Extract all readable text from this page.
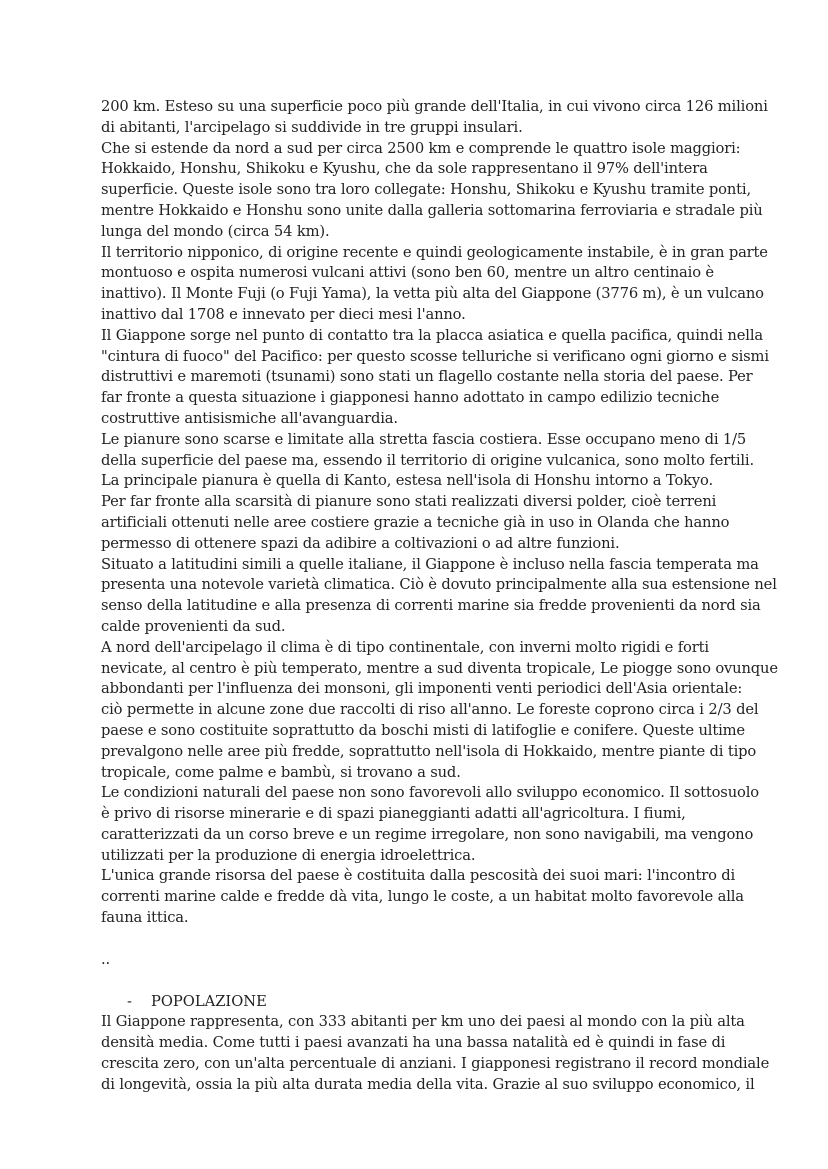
200 km. Esteso su una superficie poco più grande dell'Italia, in cui vivono circa 126 milioni
di abitanti, l'arcipelago si suddivide in tre gruppi insulari.
Che si estende da nord a sud per circa 2500 km e comprende le quattro isole maggiori:
Hokkaido, Honshu, Shikoku e Kyushu, che da sole rappresentano il 97% dell'intera
superficie. Queste isole sono tra loro collegate: Honshu, Shikoku e Kyushu tramite ponti,
mentre Hokkaido e Honshu sono unite dalla galleria sottomarina ferroviaria e stradale più
lunga del mondo (circa 54 km).
Il territorio nipponico, di origine recente e quindi geologicamente instabile, è in gran parte
montuoso e ospita numerosi vulcani attivi (sono ben 60, mentre un altro centinaio è
inattivo). Il Monte Fuji (o Fuji Yama), la vetta più alta del Giappone (3776 m), è un vulcano
inattivo dal 1708 e innevato per dieci mesi l'anno.
Il Giappone sorge nel punto di contatto tra la placca asiatica e quella pacifica, quindi nella
"cintura di fuoco" del Pacifico: per questo scosse telluriche si verificano ogni giorno e sismi
distruttivi e maremoti (tsunami) sono stati un flagello costante nella storia del paese. Per
far fronte a questa situazione i giapponesi hanno adottato in campo edilizio tecniche
costruttive antisismiche all'avanguardia.
Le pianure sono scarse e limitate alla stretta fascia costiera. Esse occupano meno di 1/5
della superficie del paese ma, essendo il territorio di origine vulcanica, sono molto fertili.
La principale pianura è quella di Kanto, estesa nell'isola di Honshu intorno a Tokyo.
Per far fronte alla scarsità di pianure sono stati realizzati diversi polder, cioè terreni
artificiali ottenuti nelle aree costiere grazie a tecniche già in uso in Olanda che hanno
permesso di ottenere spazi da adibire a coltivazioni o ad altre funzioni.
Situato a latitudini simili a quelle italiane, il Giappone è incluso nella fascia temperata ma
presenta una notevole varietà climatica. Ciò è dovuto principalmente alla sua estensione nel
senso della latitudine e alla presenza di correnti marine sia fredde provenienti da nord sia
calde provenienti da sud.
A nord dell'arcipelago il clima è di tipo continentale, con inverni molto rigidi e forti
nevicate, al centro è più temperato, mentre a sud diventa tropicale, Le piogge sono ovunque
abbondanti per l'influenza dei monsoni, gli imponenti venti periodici dell'Asia orientale:
ciò permette in alcune zone due raccolti di riso all'anno. Le foreste coprono circa i 2/3 del
paese e sono costituite soprattutto da boschi misti di latifoglie e conifere. Queste ultime
prevalgono nelle aree più fredde, soprattutto nell'isola di Hokkaido, mentre piante di tipo
tropicale, come palme e bambù, si trovano a sud.
Le condizioni naturali del paese non sono favorevoli allo sviluppo economico. Il sottosuolo
è privo di risorse minerarie e di spazi pianeggianti adatti all'agricoltura. I fiumi,
caratterizzati da un corso breve e un regime irregolare, non sono navigabili, ma vengono
utilizzati per la produzione di energia idroelettrica.
L'unica grande risorsa del paese è costituita dalla pescosità dei suoi mari: l'incontro di
correnti marine calde e fredde dà vita, lungo le coste, a un habitat molto favorevole alla
fauna ittica.
..
- POPOLAZIONE
Il Giappone rappresenta, con 333 abitanti per km uno dei paesi al mondo con la più alta
densità media. Come tutti i paesi avanzati ha una bassa natalità ed è quindi in fase di
crescita zero, con un'alta percentuale di anziani. I giapponesi registrano il record mondiale
di longevità, ossia la più alta durata media della vita. Grazie al suo sviluppo economico, il
